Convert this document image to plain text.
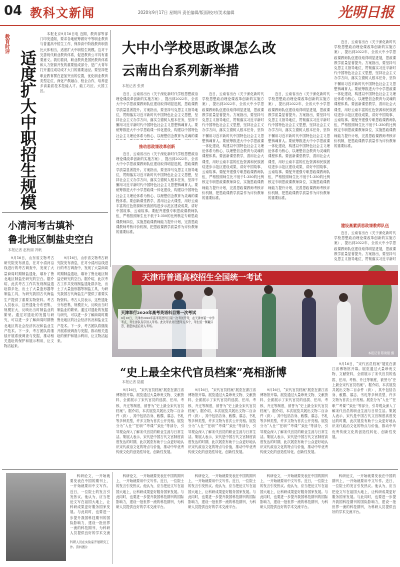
04 教科文新闻	2020年9月17日 星期四 责任编辑/版面/校对/美术编辑	光明日报
教育时评
适度扩大中职招生规模

本报北京9月16日电 近期，教育部等部门印发通知，要求各地统筹做好中等职业教育与普通高中招生工作，保持高中阶段教育职普比大体相当，适度扩大中职招生规模。这对于完善现代职业教育体系，促进教育公平具有重要意义。我们看到，职业教育是国民教育体系和人力资源开发的重要组成部分，是广大青年打开通往成功成才大门的重要途径。要坚持把职业教育摆在更加突出的位置，优化职业教育类型定位，深化产教融合、校企合作，培养更多高素质技术技能人才、能工巧匠、大国工匠。

大中小学校思政课怎么改
云南出台系列新举措
本报记者 张勇

近日，云南省出台《关于深化新时代学校思想政治理论课改革创新的实施方案》，提出到2022年，全省大中小学思政课教师队伍建设取得明显进展，思政课教学质量显著提升。方案指出，要坚持马克思主义指导地位，贯彻落实习近平新时代中国特色社会主义思想，坚持社会主义办学方向，落实立德树人根本任务，坚持不懈用习近平新时代中国特色社会主义思想铸魂育人。要统筹推进大中小学思政课一体化建设，构建以中国特色社会主义理论体系为核心、以理想信念教育为灵魂的课

推动思政课改革创新

近日，云南省出台《关于深化新时代学校思想政治理论课改革创新的实施方案》，提出到2022年，全省大中小学思政课教师队伍建设取得明显进展，思政课教学质量显著提升。方案指出，要坚持马克思主义指导地位，贯彻落实习近平新时代中国特色社会主义思想，坚持社会主义办学方向，落实立德树人根本任务，坚持不懈用习近平新时代中国特色社会主义思想铸魂育人。要统筹推进大中小学思政课一体化建设，构建以中国特色社会主义理论体系为核心、以理想信念教育为灵魂的课程体系。要创新课堂教学，善用社会大课堂，用好云南丰富的红色资源和民族团结进步示范区建设成果，讲好中国故事、云南故事。要配齐建强专职思政课教师队伍，严格按照师生比不低于1:350的比例核定专职思政课教师岗位，实施思政课教师能力提升计划，完善思政课教师考核评价机制，把思政课教学质量作为评价教师的重要标准。

近日，云南省出台《关于深化新时代学校思想政治理论课改革创新的实施方案》，提出到2022年，全省大中小学思政课教师队伍建设取得明显进展，思政课教学质量显著提升。方案指出，要坚持马克思主义指导地位，贯彻落实习近平新时代中国特色社会主义思想，坚持社会主义办学方向，落实立德树人根本任务，坚持不懈用习近平新时代中国特色社会主义思想铸魂育人。要统筹推进大中小学思政课一体化建设，构建以中国特色社会主义理论体系为核心、以理想信念教育为灵魂的课程体系。要创新课堂教学，善用社会大课堂，用好云南丰富的红色资源和民族团结进步示范区建设成果，讲好中国故事、云南故事。要配齐建强专职思政课教师队伍，严格按照师生比不低于1:350的比例核定专职思政课教师岗位，实施思政课教师能力提升计划，完善思政课教师考核评价机制，把思政课教学质量作为评价教师的重要标准。

近日，云南省出台《关于深化新时代学校思想政治理论课改革创新的实施方案》，提出到2022年，全省大中小学思政课教师队伍建设取得明显进展，思政课教学质量显著提升。方案指出，要坚持马克思主义指导地位，贯彻落实习近平新时代中国特色社会主义思想，坚持社会主义办学方向，落实立德树人根本任务，坚持不懈用习近平新时代中国特色社会主义思想铸魂育人。要统筹推进大中小学思政课一体化建设，构建以中国特色社会主义理论体系为核心、以理想信念教育为灵魂的课程体系。要创新课堂教学，善用社会大课堂，用好云南丰富的红色资源和民族团结进步示范区建设成果，讲好中国故事、云南故事。要配齐建强专职思政课教师队伍，严格按照师生比不低于1:350的比例核定专职思政课教师岗位，实施思政课教师能力提升计划，完善思政课教师考核评价机制，把思政课教学质量作为评价教师的重要标准。

近日，云南省出台《关于深化新时代学校思想政治理论课改革创新的实施方案》，提出到2022年，全省大中小学思政课教师队伍建设取得明显进展，思政课教学质量显著提升。方案指出，要坚持马克思主义指导地位，贯彻落实习近平新时代中国特色社会主义思想，坚持社会主义办学方向，落实立德树人根本任务，坚持不懈用习近平新时代中国特色社会主义思想铸魂育人。要统筹推进大中小学思政课一体化建设，构建以中国特色社会主义理论体系为核心、以理想信念教育为灵魂的课程体系。要创新课堂教学，善用社会大课堂，用好云南丰富的红色资源和民族团结进步示范区建设成果，讲好中国故事、云南故事。要配齐建强专职思政课教师队伍，严格按照师生比不低于1:350的比例核定专职思政课教师岗位，实施思政课教师能力提升计划，完善思政课教师考核评价机制，把思政课教学质量作为评价教师的重要标准。

建设高素质思政课教师队伍

近日，云南省出台《关于深化新时代学校思想政治理论课改革创新的实施方案》，提出到2022年，全省大中小学思政课教师队伍建设取得明显进展，思政课教学质量显著提升。方案指出，要坚持马克思主义指导地位，贯彻落实习近平新时

小清河考古填补
鲁北地区制盐史空白
本报记者 赵秋丽 冯帆

9月16日，山东省文物考古研究院发布消息，在对小清河沿线进行的考古调查中，发现了大量商周时期制盐遗址，填补了鲁北地区制盐史研究的空白。据介绍，此次考古工作共发现制盐遗址群多处，出土了大量盔形器等制盐工具，为研究我国古代海盐生产提供了重要实物资料。考古人员表示，这些遗址分布密集、规模宏大，反映出当时制盐业的繁荣。通过对遗址的发掘与研究，可以进一步了解商周时期鲁北地区的社会经济状况和盐业生产技术。下一步，考古团队将继续开展系统调查与发掘，推动相关遗址的保护和展示利用，让文物活起来。

9月16日，山东省文物考古研究院发布消息，在对小清河沿线进行的考古调查中，发现了大量商周时期制盐遗址，填补了鲁北地区制盐史研究的空白。据介绍，此次考古工作共发现制盐遗址群多处，出土了大量盔形器等制盐工具，为研究我国古代海盐生产提供了重要实物资料。考古人员表示，这些遗址分布密集、规模宏大，反映出当时制盐业的繁荣。通过对遗址的发掘与研究，可以进一步了解商周时期鲁北地区的社会经济状况和盐业生产技术。下一步，考古团队将继续开展系统调查与发掘，推动相关遗址的保护和展示利用，让文物活起来。

天津市普通高校招生全国统一考试
本报记者 陈建强 摄
天津举行2020年高考英语科目第一次考试
9月16日，天津市2020年高考英语科目第一次考试开考，在天津市第一中学考点，考生排队有序进入考场。此次考试共设置考点多个，考生统一佩戴口罩，测量体温后进入考场。
“史上最全宋代官员档案”亮相浙博
本报记者 陆健

9月16日，“宋代官员档案”展览在浙江省博物馆开幕。展览通过大量珍贵文物、文献资料，全面展示了宋代官员的选拔、任用、考核、升迁等制度，被誉为“史上最全宋代官员档案”。据介绍，本次展览共展出文物二百余件（套），其中包括告身、敕牒、墓志、书札等多种类型，许多文物为首次公开亮相。展览分为“入仕”“任职”“考课”“致仕”等部分，引导观众深入了解宋代官员的职业生涯与日常生活。策展人表示，宋代是中国古代文官制度高度发达的时期，此次展览有助于公众更好地认识宋代政治文化的特点与价值，推动中华优秀传统文化的创造性转化、创新性发展。

9月16日，“宋代官员档案”展览在浙江省博物馆开幕。展览通过大量珍贵文物、文献资料，全面展示了宋代官员的选拔、任用、考核、升迁等制度，被誉为“史上最全宋代官员档案”。据介绍，本次展览共展出文物二百余件（套），其中包括告身、敕牒、墓志、书札等多种类型，许多文物为首次公开亮相。展览分为“入仕”“任职”“考课”“致仕”等部分，引导观众深入了解宋代官员的职业生涯与日常生活。策展人表示，宋代是中国古代文官制度高度发达的时期，此次展览有助于公众更好地认识宋代政治文化的特点与价值，推动中华优秀传统文化的创造性转化、创新性发展。

9月16日，“宋代官员档案”展览在浙江省博物馆开幕。展览通过大量珍贵文物、文献资料，全面展示了宋代官员的选拔、任用、考核、升迁等制度，被誉为“史上最全宋代官员档案”。据介绍，本次展览共展出文物二百余件（套），其中包括告身、敕牒、墓志、书札等多种类型，许多文物为首次公开亮相。展览分为“入仕”“任职”“考课”“致仕”等部分，引导观众深入了解宋代官员的职业生涯与日常生活。策展人表示，宋代是中国古代文官制度高度发达的时期，此次展览有助于公众更好地认识宋代政治文化的特点与价值，推动中华优秀传统文化的创造性转化、创新性发展。

9月16日，“宋代官员档案”展览在浙江省博物馆开幕。展览通过大量珍贵文物、文献资料，全面展示了宋代官员的选拔、任用、考核、升迁等制度，被誉为“史上最全宋代官员档案”。据介绍，本次展览共展出文物二百余件（套），其中包括告身、敕牒、墓志、书札等多种类型，许多文物为首次公开亮相。展览分为“入仕”“任职”“考课”“致仕”等部分，引导观众深入了解宋代官员的职业生涯与日常生活。策展人表示，宋代是中国古代文官制度高度发达的时期，此次展览有助于公众更好地认识宋代政治文化的特点与价值，推动中华优秀传统文化的创造性转化、创新性发展。

科研人员在实验室开展研究工作。资料图片

科研论文，一开始就要发表在中国的期刊上，一开始就要用中文写作。近日，一位院士的发言引发热议。他认为，应当把论文写在祖国大地上，让科研成果更好服务国家发展。与此同时，也要进一步提升我国科技期刊的国际影响力，建设一批世界一流的科技期刊，为科研人员提供良好的学术交流

科研论文，一开始就要发表在中国的期刊上，一开始就要用中文写作。近日，一位院士的发言引发热议。他认为，应当把论文写在祖国大地上，让科研成果更好服务国家发展。与此同时，也要进一步提升我国科技期刊的国际影响力，建设一批世界一流的科技期刊，为科研人员提供良好的学术交流平台。

科研论文，一开始就要发表在中国的期刊上，一开始就要用中文写作。近日，一位院士的发言引发热议。他认为，应当把论文写在祖国大地上，让科研成果更好服务国家发展。与此同时，也要进一步提升我国科技期刊的国际影响力，建设一批世界一流的科技期刊，为科研人员提供良好的学术交流平台。

科研论文，一开始就要发表在中国的期刊上，一开始就要用中文写作。近日，一位院士的发言引发热议。他认为，应当把论文写在祖国大地上，让科研成果更好服务国家发展。与此同时，也要进一步提升我国科技期刊的国际影响力，建设一批世界一流的科技期刊，为科研人员提供良好的学术交流平台。

科研论文，一开始就要发表在中国的期刊上，一开始就要用中文写作。近日，一位院士的发言引发热议。他认为，应当把论文写在祖国大地上，让科研成果更好服务国家发展。与此同时，也要进一步提升我国科技期刊的国际影响力，建设一批世界一流的科技期刊，为科研人员提供良好的学术交流平台。
